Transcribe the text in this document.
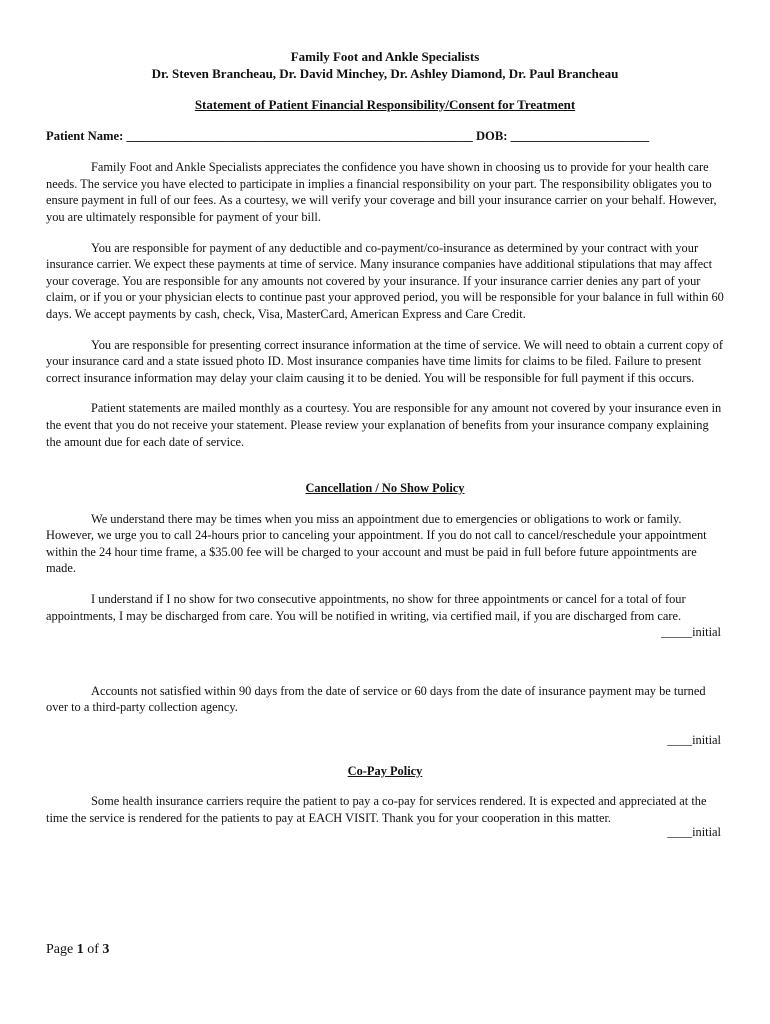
Family Foot and Ankle Specialists
Dr. Steven Brancheau, Dr. David Minchey, Dr. Ashley Diamond, Dr. Paul Brancheau
Statement of Patient Financial Responsibility/Consent for Treatment
Patient Name: _______________________________________________________ DOB: ______________________

Family Foot and Ankle Specialists appreciates the confidence you have shown in choosing us to provide for your health care needs. The service you have elected to participate in implies a financial responsibility on your part. The responsibility obligates you to ensure payment in full of our fees. As a courtesy, we will verify your coverage and bill your insurance carrier on your behalf. However, you are ultimately responsible for payment of your bill.

You are responsible for payment of any deductible and co-payment/co-insurance as determined by your contract with your insurance carrier. We expect these payments at time of service. Many insurance companies have additional stipulations that may affect your coverage. You are responsible for any amounts not covered by your insurance. If your insurance carrier denies any part of your claim, or if you or your physician elects to continue past your approved period, you will be responsible for your balance in full within 60 days. We accept payments by cash, check, Visa, MasterCard, American Express and Care Credit.

You are responsible for presenting correct insurance information at the time of service. We will need to obtain a current copy of your insurance card and a state issued photo ID. Most insurance companies have time limits for claims to be filed. Failure to present correct insurance information may delay your claim causing it to be denied. You will be responsible for full payment if this occurs.

Patient statements are mailed monthly as a courtesy. You are responsible for any amount not covered by your insurance even in the event that you do not receive your statement. Please review your explanation of benefits from your insurance company explaining the amount due for each date of service.

Cancellation / No Show Policy

We understand there may be times when you miss an appointment due to emergencies or obligations to work or family. However, we urge you to call 24-hours prior to canceling your appointment. If you do not call to cancel/reschedule your appointment within the 24 hour time frame, a $35.00 fee will be charged to your account and must be paid in full before future appointments are made.

I understand if I no show for two consecutive appointments, no show for three appointments or cancel for a total of four appointments, I may be discharged from care. You will be notified in writing, via certified mail, if you are discharged from care.

_____initial

Accounts not satisfied within 90 days from the date of service or 60 days from the date of insurance payment may be turned over to a third-party collection agency.

____initial
Co-Pay Policy

Some health insurance carriers require the patient to pay a co-pay for services rendered. It is expected and appreciated at the time the service is rendered for the patients to pay at EACH VISIT. Thank you for your cooperation in this matter.

____initial
Page 1 of 3
